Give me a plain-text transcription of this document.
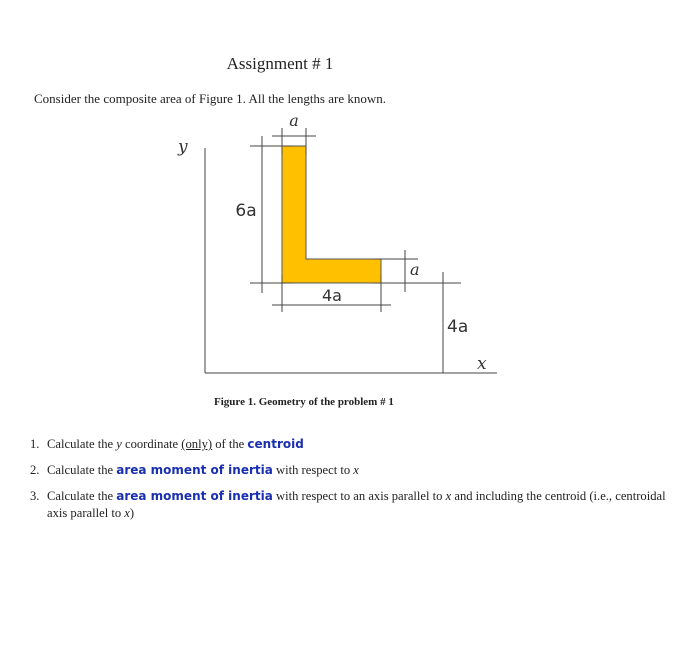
Assignment # 1
Consider the composite area of Figure 1. All the lengths are known.
a
6a
4a
a
4a
y
x
Figure 1. Geometry of the problem # 1
1. Calculate the y coordinate (only) of the centroid
2. Calculate the area moment of inertia with respect to x
3. Calculate the area moment of inertia with respect to an axis parallel to x and including the centroid (i.e., centroidal axis parallel to x)
